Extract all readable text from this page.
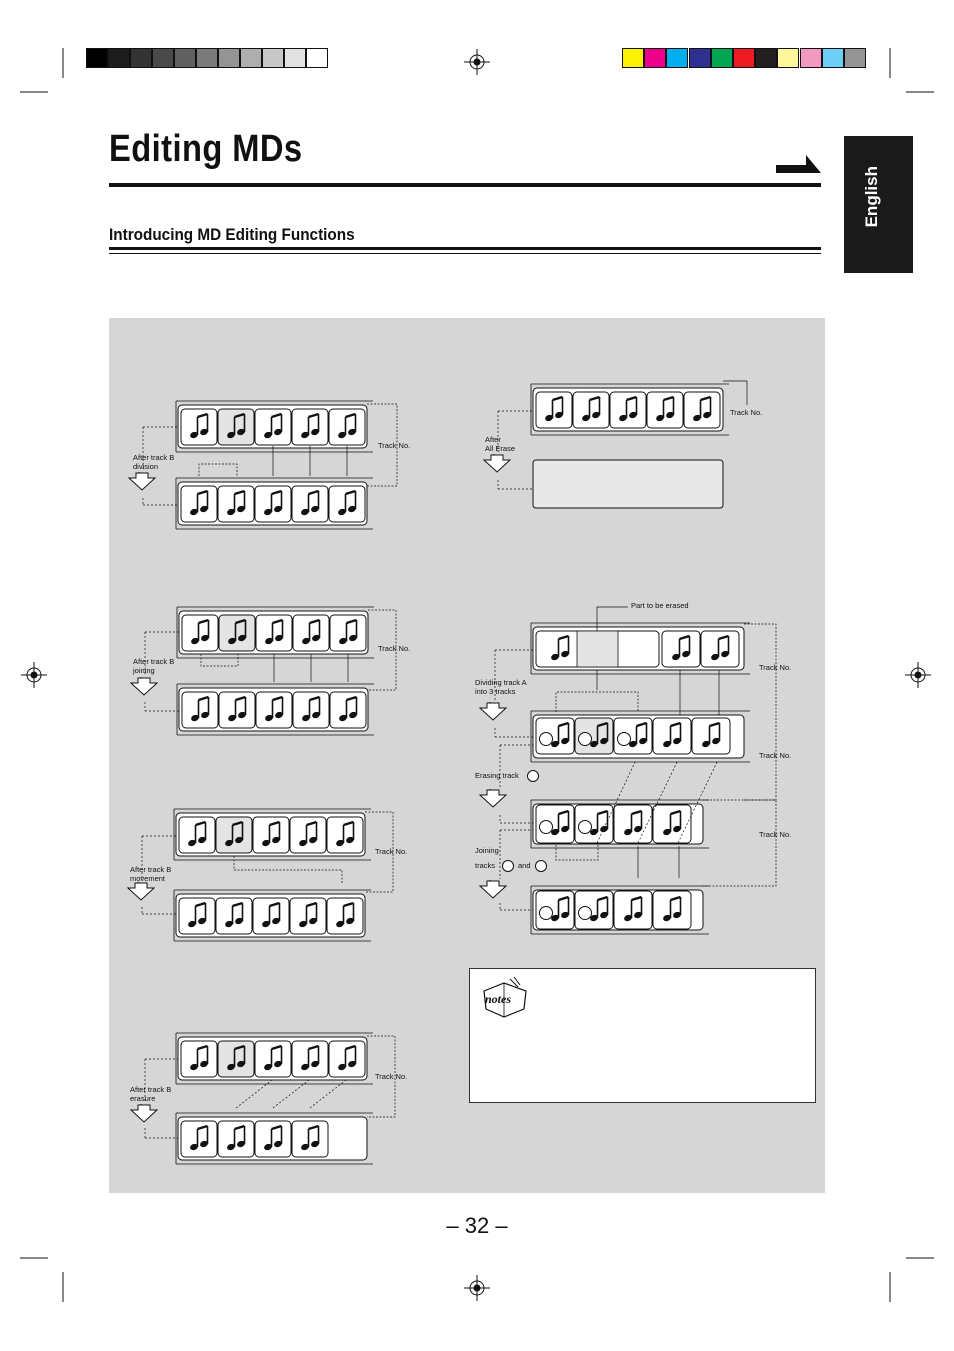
Editing MDs
Introducing MD Editing Functions
English
After track B
division
Track No.
After track B
joining
Track No.
After track B
movement
Track No.
After track B
erasure
Track No.
After
All Erase
Track No.
Part to be erased
Dividing track A
into 3 tracks
Track No.
Track No.
Track No.
Erasing track
Joining
tracks	and
notes
– 32 –
